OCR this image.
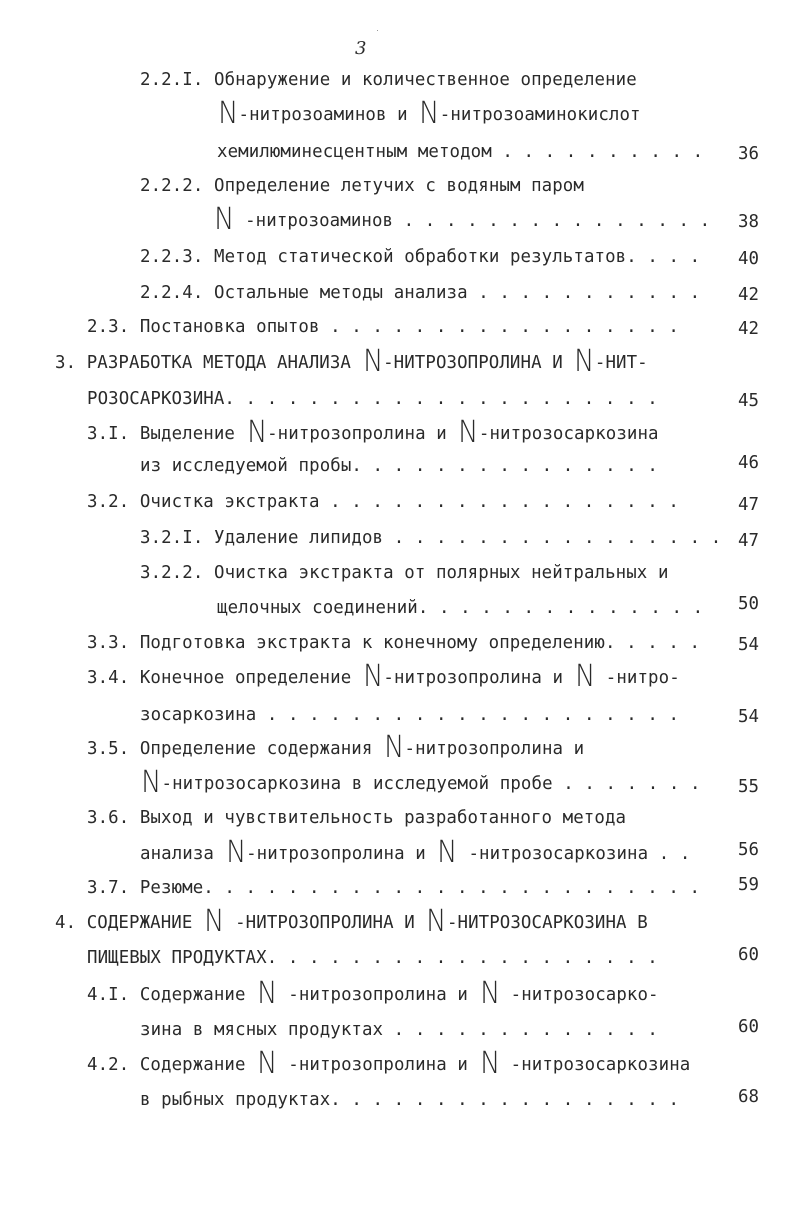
3
2.2.I. Обнаружение и количественное определение
N-нитрозоаминов и N-нитрозоаминокислот
хемилюминесцентным методом . . . . . . . . . . 36
2.2.2. Определение летучих с водяным паром
N -нитрозоаминов . . . . . . . . . . . . . . . 38
2.2.3. Метод статической обработки результатов. . . . 40
2.2.4. Остальные методы анализа . . . . . . . . . . . 42
2.3. Постановка опытов . . . . . . . . . . . . . . . . .	42
3. РАЗРАБОТКА МЕТОДА АНАЛИЗА N-НИТРОЗОПРОЛИНА И N-НИТ-
РОЗОСАРКОЗИНА. . . . . . . . . . . . . . . . . . . . .	45
3.I. Выделение N-нитрозопролина и N-нитрозосаркозина
из исследуемой пробы. . . . . . . . . . . . . . .	46
3.2. Очистка экстракта . . . . . . . . . . . . . . . . .	47
3.2.I. Удаление липидов . . . . . . . . . . . . . . . . 47
3.2.2. Очистка экстракта от полярных нейтральных и
щелочных соединений. . . . . . . . . . . . . . 50
3.3. Подготовка экстракта к конечному определению. . . . . 54
3.4. Конечное определение N-нитрозопролина и N -нитро-
зосаркозина . . . . . . . . . . . . . . . . . . . .	54
3.5. Определение содержания N-нитрозопролина и
N-нитрозосаркозина в исследуемой пробе . . . . . . . 55
3.6. Выход и чувствительность разработанного метода
анализа N-нитрозопролина и N -нитрозосаркозина . .	56
3.7. Резюме. . . . . . . . . . . . . . . . . . . . . . . . 59
4. СОДЕРЖАНИЕ N -НИТРОЗОПРОЛИНА И N-НИТРОЗОСАРКОЗИНА В
ПИЩЕВЫХ ПРОДУКТАХ. . . . . . . . . . . . . . . . . . .	60
4.I. Содержание N -нитрозопролина и N -нитрозосарко-
зина в мясных продуктах . . . . . . . . . . . . .	60
4.2. Содержание N -нитрозопролина и N -нитрозосаркозина
в рыбных продуктах. . . . . . . . . . . . . . . . .	68
